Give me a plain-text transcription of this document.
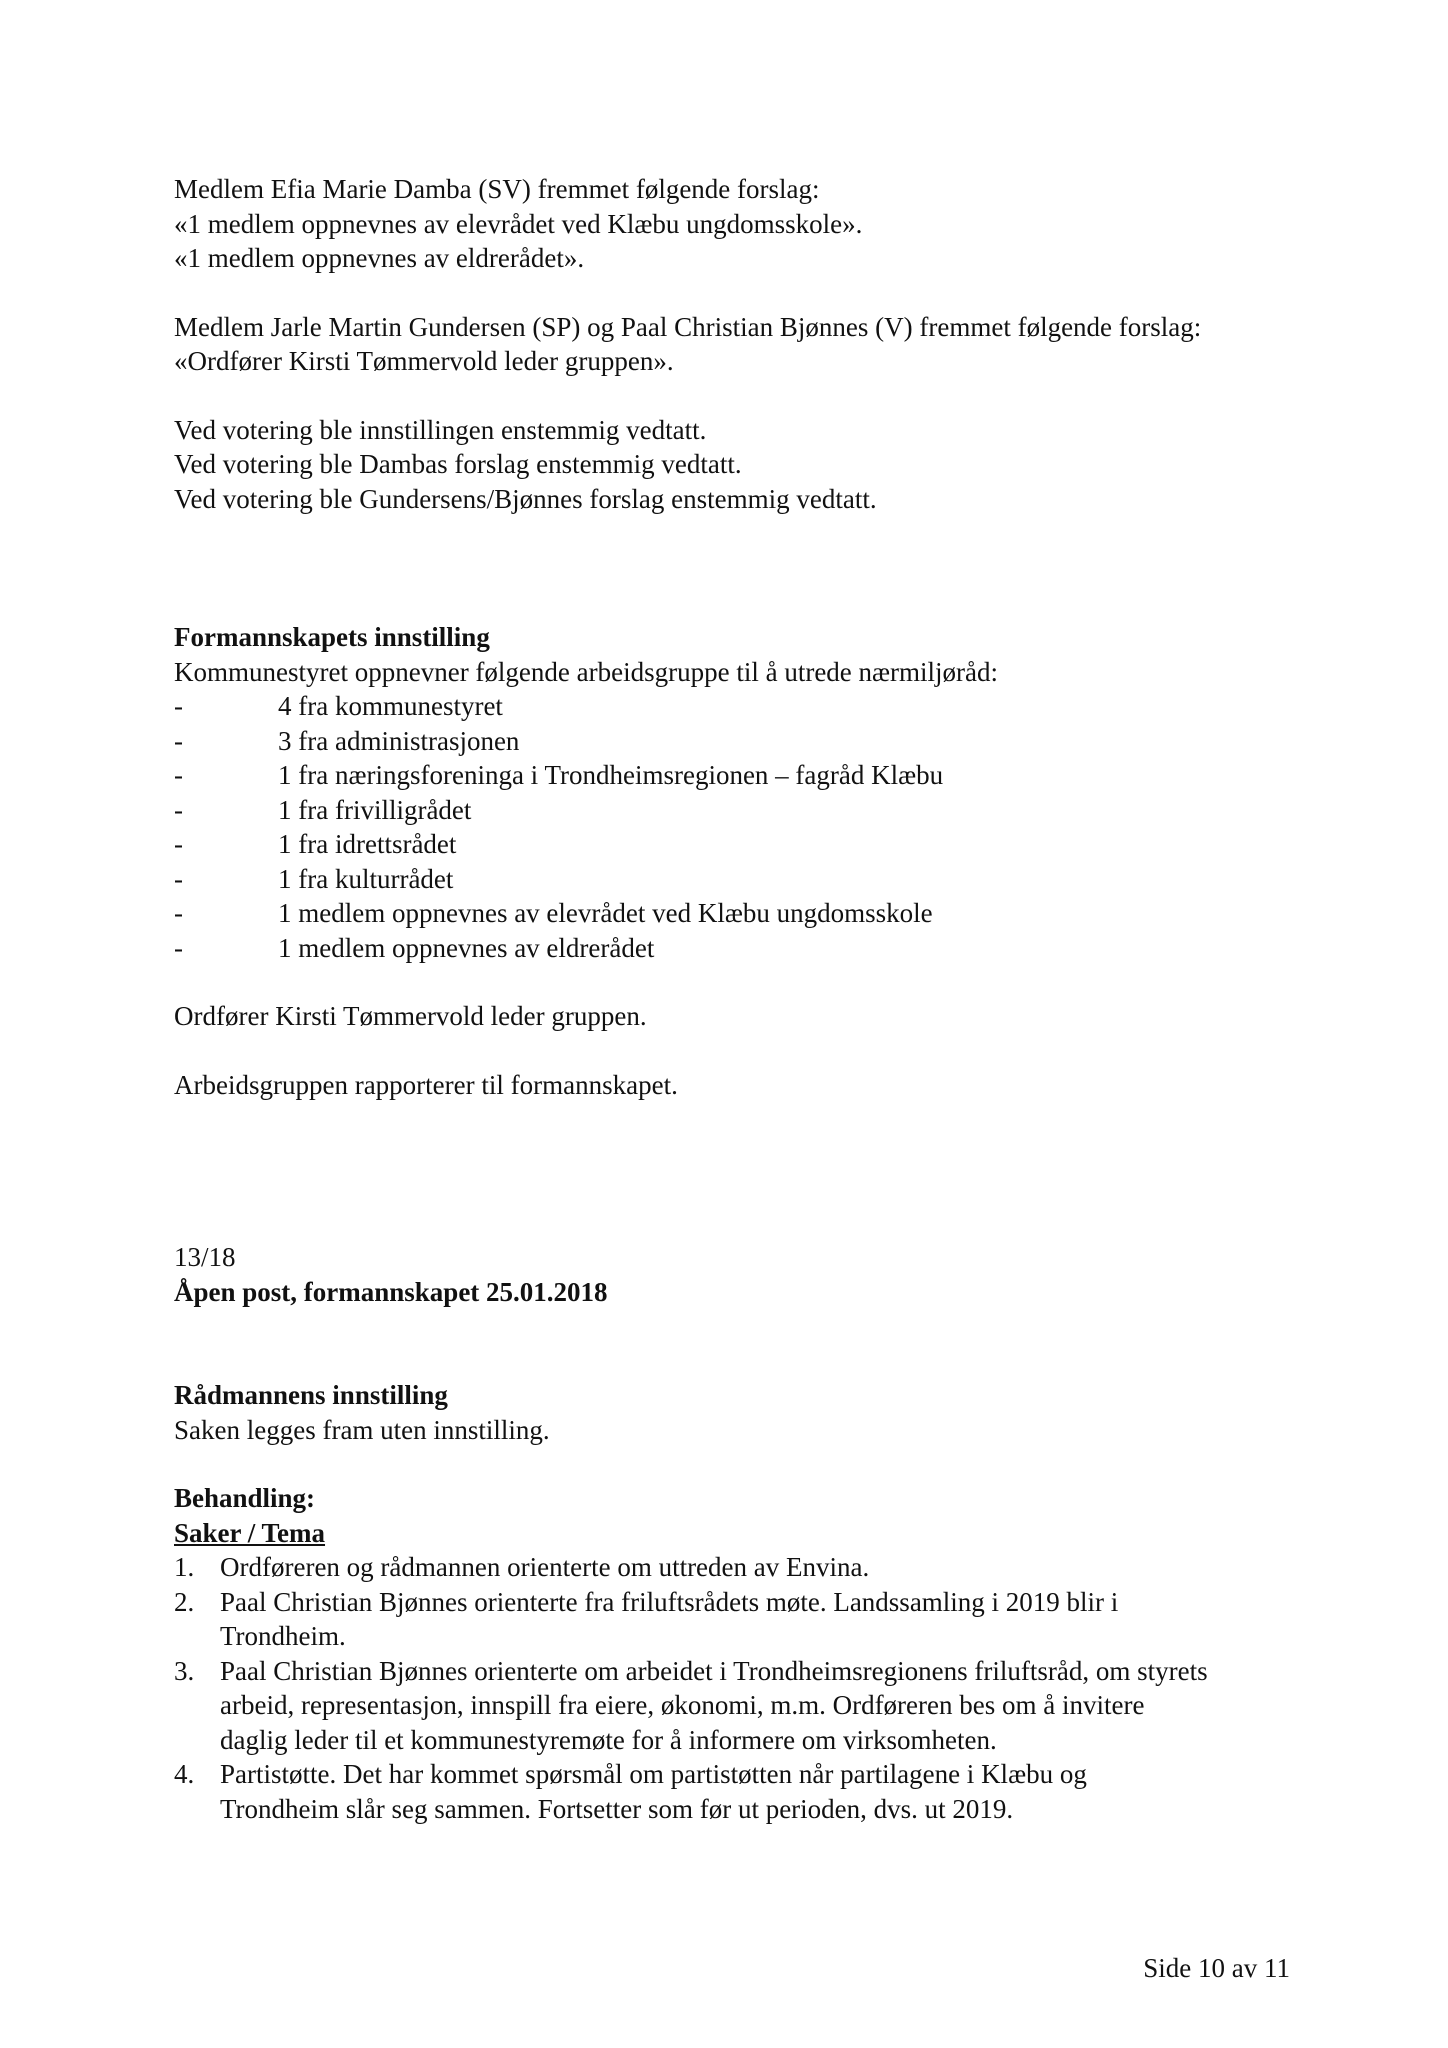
Medlem Efia Marie Damba (SV) fremmet følgende forslag:

«1 medlem oppnevnes av elevrådet ved Klæbu ungdomsskole».

«1 medlem oppnevnes av eldrerådet».

Medlem Jarle Martin Gundersen (SP) og Paal Christian Bjønnes (V) fremmet følgende forslag:

«Ordfører Kirsti Tømmervold leder gruppen».

Ved votering ble innstillingen enstemmig vedtatt.

Ved votering ble Dambas forslag enstemmig vedtatt.

Ved votering ble Gundersens/Bjønnes forslag enstemmig vedtatt.

Formannskapets innstilling

Kommunestyret oppnevner følgende arbeidsgruppe til å utrede nærmiljøråd:

-	4 fra kommunestyret
-	3 fra administrasjonen
-	1 fra næringsforeninga i Trondheimsregionen – fagråd Klæbu
-	1 fra frivilligrådet
-	1 fra idrettsrådet
-	1 fra kulturrådet
-	1 medlem oppnevnes av elevrådet ved Klæbu ungdomsskole
-	1 medlem oppnevnes av eldrerådet

Ordfører Kirsti Tømmervold leder gruppen.

Arbeidsgruppen rapporterer til formannskapet.

13/18

Åpen post, formannskapet 25.01.2018

Rådmannens innstilling

Saken legges fram uten innstilling.

Behandling:

Saker / Tema

1. Ordføreren og rådmannen orienterte om uttreden av Envina.
2. Paal Christian Bjønnes orienterte fra friluftsrådets møte. Landssamling i 2019 blir i
Trondheim.
3. Paal Christian Bjønnes orienterte om arbeidet i Trondheimsregionens friluftsråd, om styrets
arbeid, representasjon, innspill fra eiere, økonomi, m.m. Ordføreren bes om å invitere
daglig leder til et kommunestyremøte for å informere om virksomheten.
4. Partistøtte. Det har kommet spørsmål om partistøtten når partilagene i Klæbu og
Trondheim slår seg sammen. Fortsetter som før ut perioden, dvs. ut 2019.
Side 10 av 11
